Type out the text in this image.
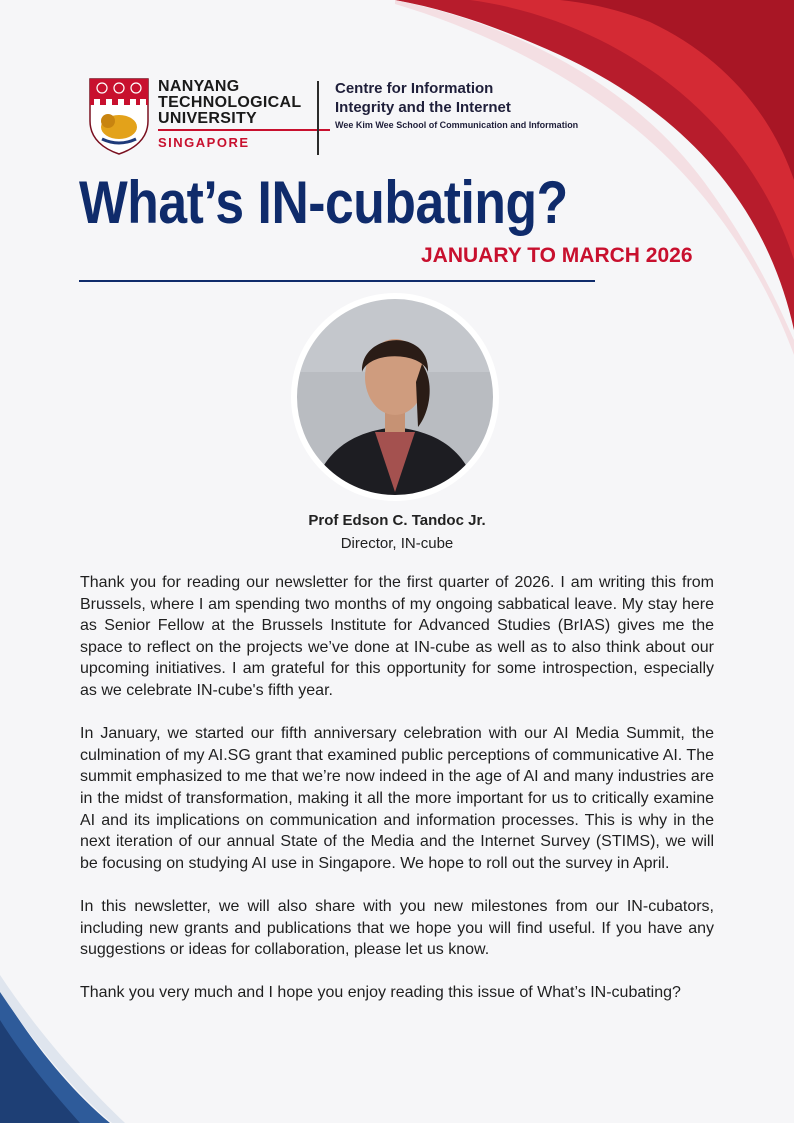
NANYANG
TECHNOLOGICAL
UNIVERSITY
SINGAPORE
Centre for Information
Integrity and the Internet
Wee Kim Wee School of Communication and Information
What’s IN-cubating?
JANUARY TO MARCH 2026
Prof Edson C. Tandoc Jr.
Director, IN-cube

Thank you for reading our newsletter for the first quarter of 2026. I am writing this from Brussels, where I am spending two months of my ongoing sabbatical leave. My stay here as Senior Fellow at the Brussels Institute for Advanced Studies (BrIAS) gives me the space to reflect on the projects we’ve done at IN-cube as well as to also think about our upcoming initiatives. I am grateful for this opportunity for some introspection, especially as we celebrate IN-cube's fifth year.

In January, we started our fifth anniversary celebration with our AI Media Summit, the culmination of my AI.SG grant that examined public perceptions of communicative AI. The summit emphasized to me that we’re now indeed in the age of AI and many industries are in the midst of transformation, making it all the more important for us to critically examine AI and its implications on communication and information processes. This is why in the next iteration of our annual State of the Media and the Internet Survey (STIMS), we will be focusing on studying AI use in Singapore. We hope to roll out the survey in April.

In this newsletter, we will also share with you new milestones from our IN-cubators, including new grants and publications that we hope you will find useful. If you have any suggestions or ideas for collaboration, please let us know.

Thank you very much and I hope you enjoy reading this issue of What’s IN-cubating?
